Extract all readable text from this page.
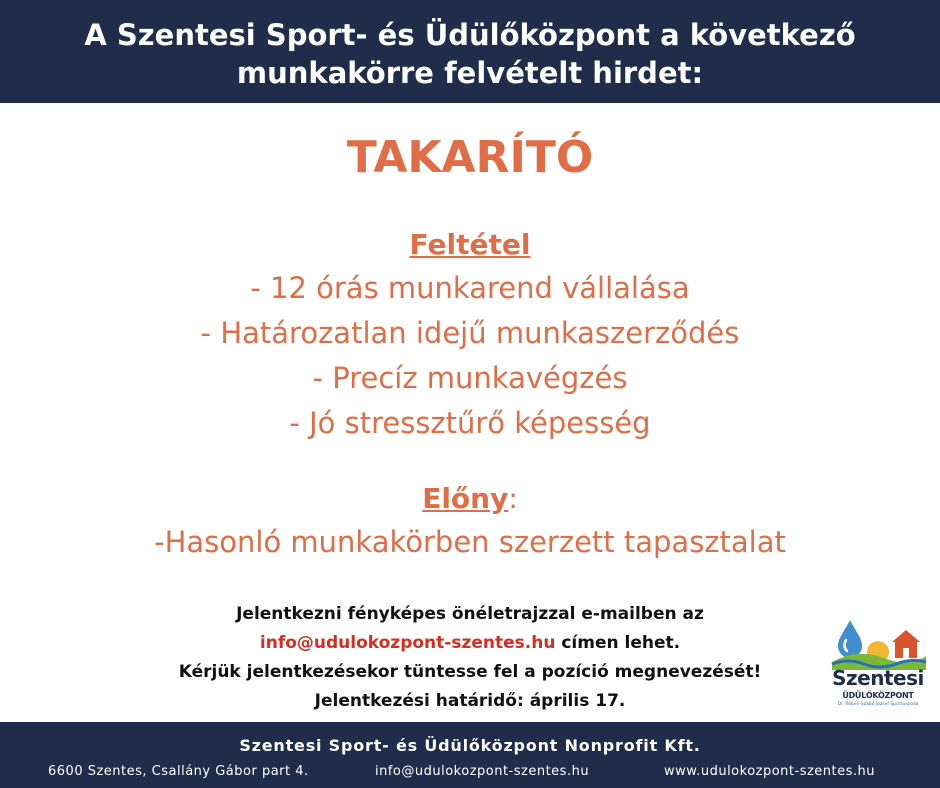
A Szentesi Sport- és Üdülőközpont a következő
munkakörre felvételt hirdet:
TAKARÍTÓ
Feltétel
- 12 órás munkarend vállalása
- Határozatlan idejű munkaszerződés
- Precíz munkavégzés
- Jó stressztűrő képesség
Előny:
-Hasonló munkakörben szerzett tapasztalat
Jelentkezni fényképes önéletrajzzal e-mailben az
info@udulokozpont-szentes.hu címen lehet.
Kérjük jelentkezésekor tüntesse fel a pozíció megnevezését!
Jelentkezési határidő: április 17.
Szentesi
ÜDÜLŐKÖZPONT
Dr. Rébeli-Szabó József Sportuszoda
Szentesi Sport- és Üdülőközpont Nonprofit Kft.
6600 Szentes, Csallány Gábor part 4.	info@udulokozpont-szentes.hu	www.udulokozpont-szentes.hu
